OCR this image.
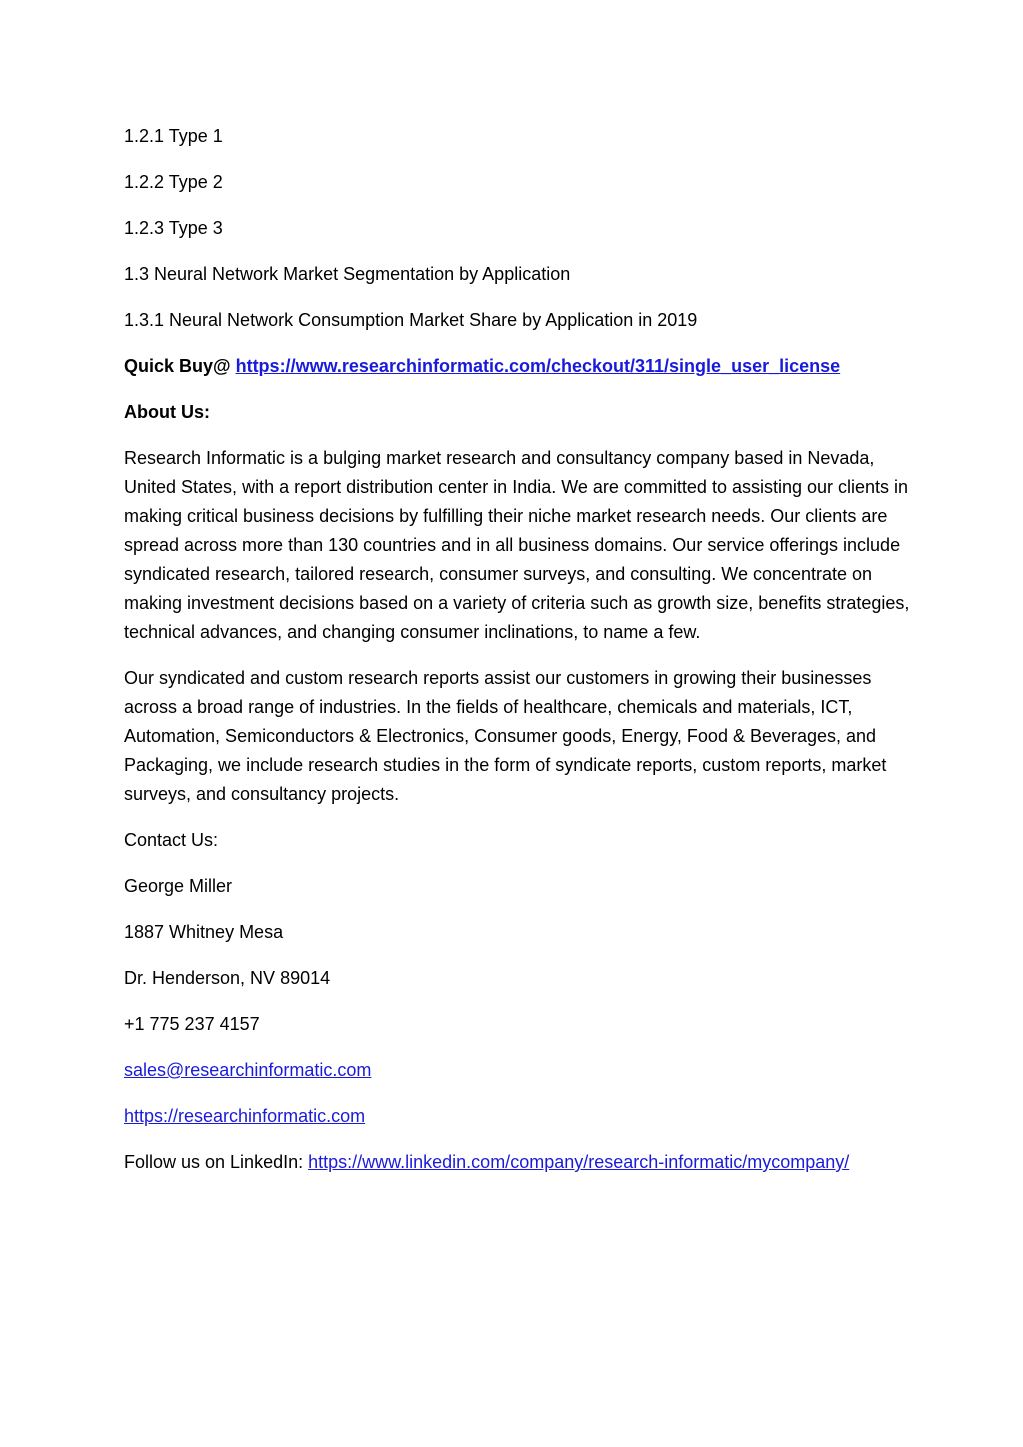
1.2.1 Type 1

1.2.2 Type 2

1.2.3 Type 3

1.3 Neural Network Market Segmentation by Application

1.3.1 Neural Network Consumption Market Share by Application in 2019

Quick Buy@ https://www.researchinformatic.com/checkout/311/single_user_license

About Us:

Research Informatic is a bulging market research and consultancy company based in Nevada, United States, with a report distribution center in India. We are committed to assisting our clients in making critical business decisions by fulfilling their niche market research needs. Our clients are spread across more than 130 countries and in all business domains. Our service offerings include syndicated research, tailored research, consumer surveys, and consulting. We concentrate on making investment decisions based on a variety of criteria such as growth size, benefits strategies, technical advances, and changing consumer inclinations, to name a few.

Our syndicated and custom research reports assist our customers in growing their businesses across a broad range of industries. In the fields of healthcare, chemicals and materials, ICT, Automation, Semiconductors & Electronics, Consumer goods, Energy, Food & Beverages, and Packaging, we include research studies in the form of syndicate reports, custom reports, market surveys, and consultancy projects.

Contact Us:

George Miller

1887 Whitney Mesa

Dr. Henderson, NV 89014

+1 775 237 4157

sales@researchinformatic.com

https://researchinformatic.com

Follow us on LinkedIn: https://www.linkedin.com/company/research-informatic/mycompany/
